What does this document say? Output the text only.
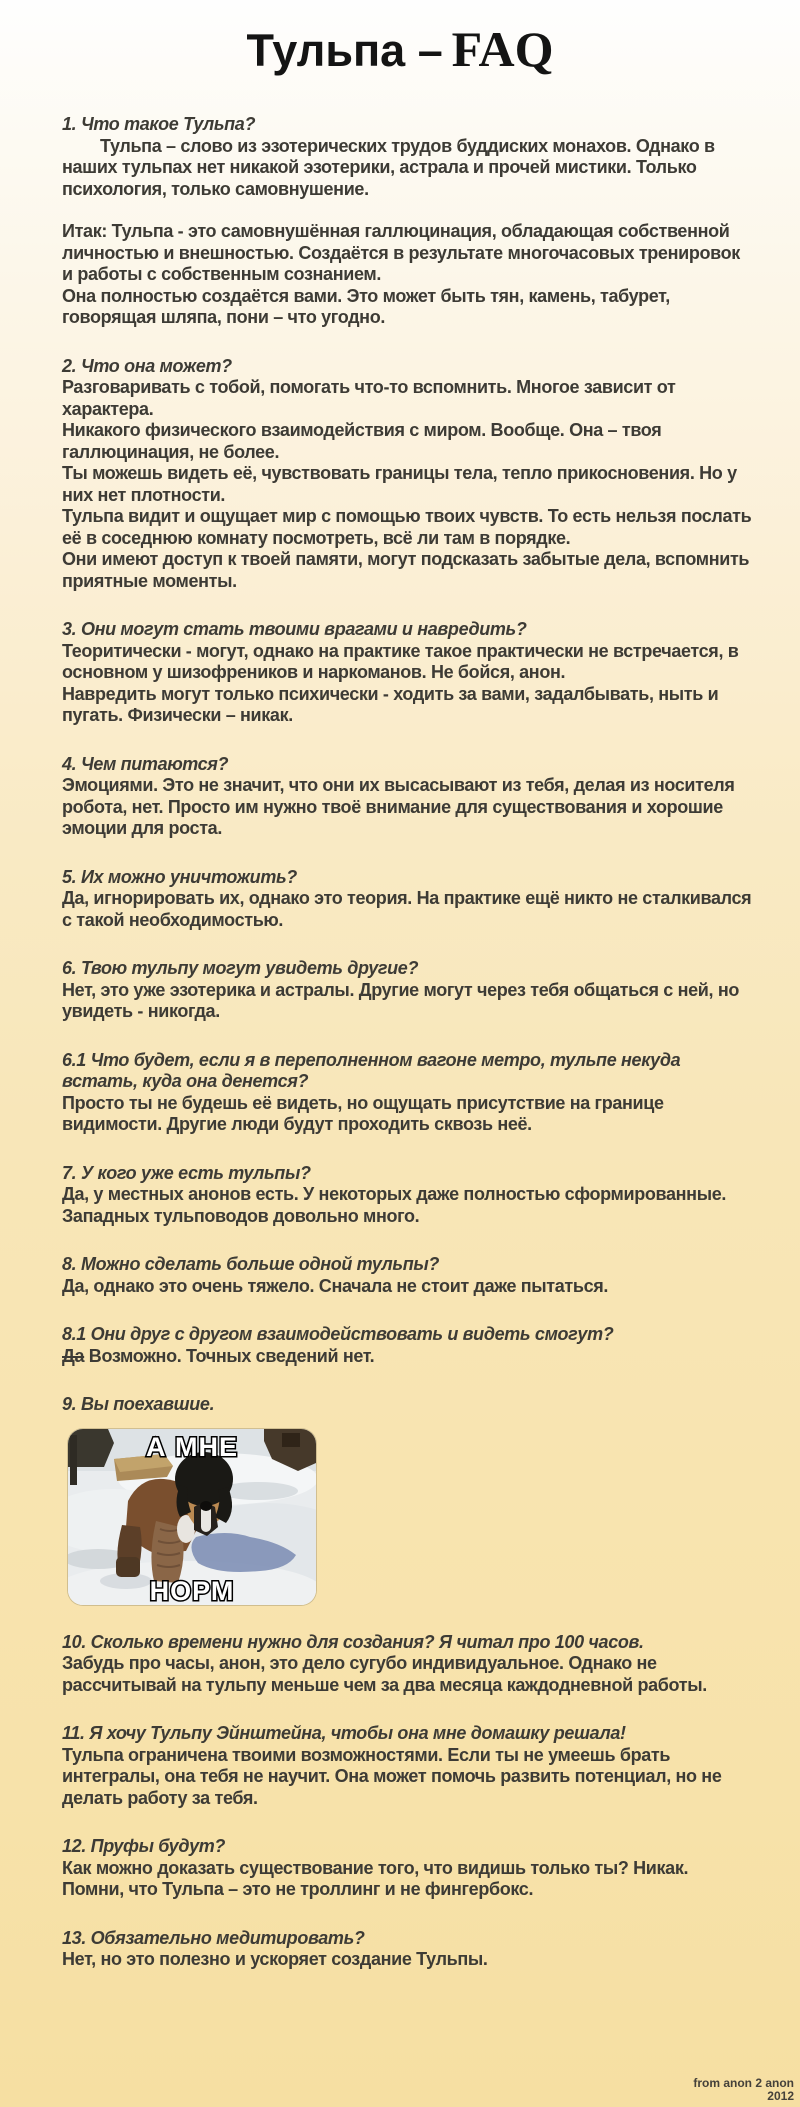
Тульпа – FAQ

1. Что такое Тульпа?

Тульпа – слово из эзотерических трудов буддиских монахов. Однако в наших тульпах нет никакой эзотерики, астрала и прочей мистики. Только психология, только самовнушение.

Итак: Тульпа - это самовнушённая галлюцинация, обладающая собственной личностью и внешностью. Создаётся в результате многочасовых тренировок и работы с собственным сознанием.

Она полностью создаётся вами. Это может быть тян, камень, табурет, говорящая шляпа, пони – что угодно.

2. Что она может?

Разговаривать с тобой, помогать что-то вспомнить. Многое зависит от характера.

Никакого физического взаимодействия с миром. Вообще. Она – твоя галлюцинация, не более.

Ты можешь видеть её, чувствовать границы тела, тепло прикосновения. Но у них нет плотности.

Тульпа видит и ощущает мир с помощью твоих чувств. То есть нельзя послать её в соседнюю комнату посмотреть, всё ли там в порядке.

Они имеют доступ к твоей памяти, могут подсказать забытые дела, вспомнить приятные моменты.

3. Они могут стать твоими врагами и навредить?

Теоритически - могут, однако на практике такое практически не встречается, в основном у шизофреников и наркоманов. Не бойся, анон.

Навредить могут только психически - ходить за вами, задалбывать, ныть и пугать. Физически – никак.

4. Чем питаются?

Эмоциями. Это не значит, что они их высасывают из тебя, делая из носителя робота, нет. Просто им нужно твоё внимание для существования и хорошие эмоции для роста.

5. Их можно уничтожить?

Да, игнорировать их, однако это теория. На практике ещё никто не сталкивался с такой необходимостью.

6. Твою тульпу могут увидеть другие?

Нет, это уже эзотерика и астралы. Другие могут через тебя общаться с ней, но увидеть - никогда.

6.1 Что будет, если я в переполненном вагоне метро, тульпе некуда встать, куда она денется?

Просто ты не будешь её видеть, но ощущать присутствие на границе видимости. Другие люди будут проходить сквозь неё.

7. У кого уже есть тульпы?

Да, у местных анонов есть. У некоторых даже полностью сформированные. Западных тульповодов довольно много.

8. Можно сделать больше одной тульпы?

Да, однако это очень тяжело. Сначала не стоит даже пытаться.

8.1 Они друг с другом взаимодействовать и видеть смогут?

Да Возможно. Точных сведений нет.

9. Вы поехавшие.

А МНЕ
НОРМ

10. Сколько времени нужно для создания? Я читал про 100 часов.

Забудь про часы, анон, это дело сугубо индивидуальное. Однако не рассчитывай на тульпу меньше чем за два месяца каждодневной работы.

11. Я хочу Тульпу Эйнштейна, чтобы она мне домашку решала!

Тульпа ограничена твоими возможностями. Если ты не умеешь брать интегралы, она тебя не научит. Она может помочь развить потенциал, но не делать работу за тебя.

12. Пруфы будут?

Как можно доказать существование того, что видишь только ты? Никак.

Помни, что Тульпа – это не троллинг и не фингербокс.

13. Обязательно медитировать?

Нет, но это полезно и ускоряет создание Тульпы.

from anon 2 anon
2012
